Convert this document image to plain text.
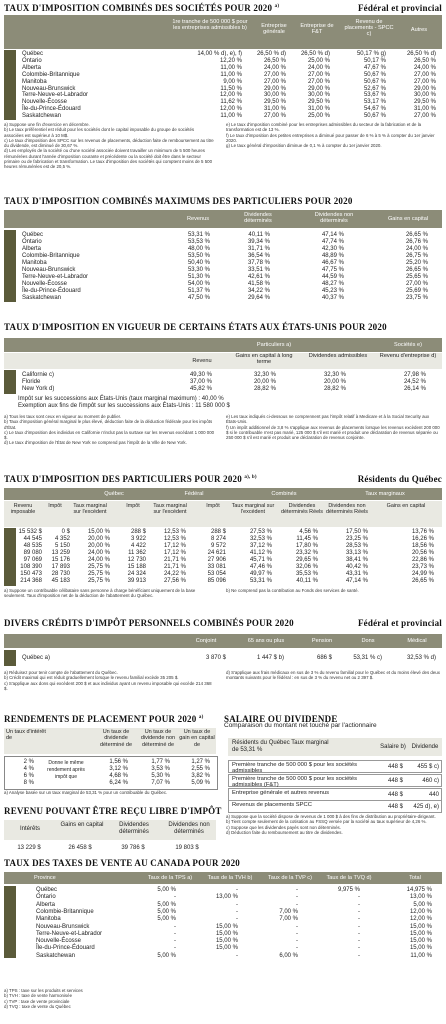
TAUX D'IMPOSITION COMBINÉS DES SOCIÉTÉS POUR 2020 $^{a)}$	Fédéral et provincial
1re tranche de 500 000 $ pour les entreprises admissibles b)	Entreprise générale
Entreprise de F&T
Revenu de placements - SPCC c)
Autres
Québec	14,00 % d), e), f)	26,50 % d)	26,50 % d)	50,17 % g)	26,50 % d)
Ontario	12,20 %	26,50 %	25,00 %	50,17 %	26,50 %
Alberta	11,00 %	24,00 %	24,00 %	47,67 %	24,00 %
Colombie-Britannique	11,00 %	27,00 %	27,00 %	50,67 %	27,00 %
Manitoba	9,00 %	27,00 %	27,00 %	50,67 %	27,00 %
Nouveau-Brunswick	11,50 %	29,00 %	29,00 %	52,67 %	29,00 %
Terre-Neuve-et-Labrador	12,00 %	30,00 %	30,00 %	53,67 %	30,00 %
Nouvelle-Écosse	11,62 %	29,50 %	29,50 %	53,17 %	29,50 %
Île-du-Prince-Édouard	12,00 %	31,00 %	31,00 %	54,67 %	31,00 %
Saskatchewan	11,00 %	27,00 %	25,00 %	50,67 %	27,00 %
a) Suppose une fin d'exercice en décembre.
b) Le taux préférentiel est réduit pour les sociétés dont le capital imposable du groupe de sociétés associées est supérieur à 10 M$.
c) Le taux d'imposition des SPCC sur les revenus de placements, déduction faite de remboursement au titre du dividende, est diminué de 30,67 %.
d) Les employés de la société ou d'une société associée doivent travailler un minimum de 5 500 heures rémunérées durant l'année d'imposition courante et précédente ou la société doit être dans le secteur primaire ou de fabrication et transformation. Le taux d'imposition des sociétés qui comptent moins de 5 500 heures rémunérées est de 20,5 %.
e) Le taux d'imposition combiné pour les entreprises admissibles du secteur de la fabrication et de la transformation est de 13 %.
f) Le taux d'imposition des petites entreprises a diminué pour passer de 6 % à 5 % à compter du 1er janvier 2020.
g) Le taux général d'imposition diminue de 0,1 % à compter du 1er janvier 2020.
TAUX D'IMPOSITION COMBINÉS MAXIMUMS DES PARTICULIERS POUR 2020
Revenus
Dividendes déterminés
Dividendes non déterminés	Gains en capital
Québec	53,31 %	40,11 %	47,14 %	26,65 %
Ontario	53,53 %	39,34 %	47,74 %	26,76 %
Alberta	48,00 %	31,71 %	42,30 %	24,00 %
Colombie-Britannique	53,50 %	36,54 %	48,89 %	26,75 %
Manitoba	50,40 %	37,78 %	46,67 %	25,20 %
Nouveau-Brunswick	53,30 %	33,51 %	47,75 %	26,65 %
Terre-Neuve-et-Labrador	51,30 %	42,61 %	44,59 %	25,65 %
Nouvelle-Écosse	54,00 %	41,58 %	48,27 %	27,00 %
Île-du-Prince-Édouard	51,37 %	34,22 %	45,23 %	25,69 %
Saskatchewan	47,50 %	29,64 %	40,37 %	23,75 %
TAUX D'IMPOSITION EN VIGUEUR DE CERTAINS ÉTATS AUX ÉTATS-UNIS POUR 2020
Particuliers a)	Sociétés e)
Revenu
Gains en capital à long terme
Dividendes admissibles	Revenu d'entreprise d)
Californie c)	49,30 %	32,30 %	32,30 %	27,98 %
Floride	37,00 %	20,00 %	20,00 %	24,52 %
New York d)	45,82 %	28,82 %	28,82 %	26,14 %
Impôt sur les successions aux États-Unis (taux marginal maximum) : 40,00 %
Exemption aux fins de l'impôt sur les successions aux États-Unis : 11 580 000 $
a) Tous les taux sont ceux en vigueur au moment de publier.
b) Taux d'imposition général marginal le plus élevé, déduction faite de la déduction fédérale pour les impôts d'État.
c) Le taux d'imposition des individus en Californie n'inclut pas la surtaxe sur les revenus excédant 1 000 000 $.
d) Le taux d'imposition de l'État de New York ne comprend pas l'impôt de la Ville de New York.
e) Les taux indiqués ci-dessous ne comprennent pas l'impôt relatif à Medicare et à la Social Security aux États-Unis.
f) Un impôt additionnel de 3,8 % s'applique aux revenus de placements lorsque les revenus excèdent 200 000 $ si le contribuable n'est pas marié, 125 000 $ s'il est marié et produit une déclaration de revenus séparée ou 250 000 $ s'il est marié et produit une déclaration de revenus conjointe.
TAUX D'IMPOSITION DES PARTICULIERS POUR 2020 $^{a), b)}$	Résidents du Québec
Québec	Fédéral	Combinés	Taux marginaux
Revenu imposable
Impôt	Taux marginal sur l'excédent
Impôt	Taux marginal sur l'excédent
Impôt	Taux marginal sur l'excédent
Dividendes déterminés Réels
Dividendes non déterminés Réels
Gains en capital
15 532 $	0 $	15,00 %	288 $	12,53 %	288 $	27,53 %	4,56 %	17,50 %	13,76 %
44 545	4 352	20,00 %	3 922	12,53 %	8 274	32,53 %	11,45 %	23,25 %	16,26 %
48 535	5 150	20,00 %	4 422	17,12 %	9 572	37,12 %	17,80 %	28,53 %	18,56 %
89 080	13 259	24,00 %	11 362	17,12 %	24 621	41,12 %	23,32 %	33,13 %	20,56 %
97 069	15 176	24,00 %	12 730	21,71 %	27 906	45,71 %	29,65 %	38,41 %	22,86 %
108 390	17 893	25,75 %	15 188	21,71 %	33 081	47,46 %	32,06 %	40,42 %	23,73 %
150 473	28 730	25,75 %	24 324	24,22 %	53 054	49,97 %	35,53 %	43,31 %	24,99 %
214 368	45 183	25,75 %	39 913	27,56 %	85 096	53,31 %	40,11 %	47,14 %	26,65 %
a) Suppose un contribuable célibataire sans personne à charge bénéficiant uniquement de la base seulement. Taux d'imposition net de la déduction de l'abattement du Québec.
b) Ne comprend pas la contribution au Fonds des services de santé.
DIVERS CRÉDITS D'IMPÔT PERSONNELS COMBINÉS POUR 2020	Fédéral et provincial
Conjoint	65 ans ou plus	Pension	Dons	Médical
Québec a)	3 870 $	1 447 $ b)	686 $	53,31 % c)	32,53 % d)
a) Réduisez pour tenir compte de l'abattement du Québec.
b) Crédit maximal qui est réduit graduellement lorsque le revenu familial excède 35 205 $.
c) S'applique aux dons qui excèdent 200 $ et aux individus ayant un revenu imposable qui excède 214 368 $.
d) S'applique aux frais médicaux en sus de 3 % du revenu familial pour le Québec et du moins élevé des deux montants suivants pour le fédéral : en sus de 3 % du revenu net ou 2 397 $.
RENDEMENTS DE PLACEMENT POUR 2020 $^{a)}$
Un taux d'intérêt de
Un taux de dividende déterminé de
Un taux de dividende non déterminé de
Un taux de gain en capital de
Donne le même rendement après impôt que
2 %	1,56 %	1,77 %	1,27 %
4 %	3,12 %	3,53 %	2,55 %
6 %	4,68 %	5,30 %	3,82 %
8 %	6,24 %	7,07 %	5,09 %
a) Analyse basée sur un taux marginal de 53,31 % pour un contribuable du Québec.
SALAIRE OU DIVIDENDE
Comparaison du montant net touché par l'actionnaire
Résidents du Québec Taux marginal de 53,31 %	Salaire b) Dividende
Première tranche de 500 000 $ pour les sociétés admissibles
448 $	455 $ c)
Première tranche de 500 000 $ pour les sociétés admissibles (F&T)
448 $	460 c)
Entreprise générale et autres revenus	448 $	440
Revenus de placements SPCC	448 $	425 d), e)
a) Suppose que la société dispose de revenus de 1 000 $ à des fins de distribution au propriétaire-dirigeant.
b) Tient compte seulement de la cotisation au FSSQ versée par la société au taux supérieur de 4,26 %.
c) Suppose que les dividendes payés sont non déterminés.
d) Déduction faite du remboursement au titre de dividendes.
REVENU POUVANT ÊTRE REÇU LIBRE D'IMPÔT
Intérêts
Gains en capital	Dividendes déterminés
Dividendes non déterminés
13 229 $	26 458 $	39 786 $	19 803 $
TAUX DES TAXES DE VENTE AU CANADA POUR 2020
Province	Taux de la TPS a)	Taux de la TVH b)	Taux de la TVP c)	Taux de la TVQ d)	Total
Québec	5,00 %	-	-	9,975 %	14,975 %
Ontario	-	13,00 %	-	-	13,00 %
Alberta	5,00 %	-	-	-	5,00 %
Colombie-Britannique	5,00 %	-	7,00 %	-	12,00 %
Manitoba	5,00 %	-	7,00 %	-	12,00 %
Nouveau-Brunswick	-	15,00 %	-	-	15,00 %
Terre-Neuve-et-Labrador	-	15,00 %	-	-	15,00 %
Nouvelle-Écosse	-	15,00 %	-	-	15,00 %
Île-du-Prince-Édouard	-	15,00 %	-	-	15,00 %
Saskatchewan	5,00 %	-	6,00 %	-	11,00 %
a) TPS : taxe sur les produits et services
b) TVH : taxe de vente harmonisée
c) TVP : taxe de vente provinciale
d) TVQ : taxe de vente du Québec
